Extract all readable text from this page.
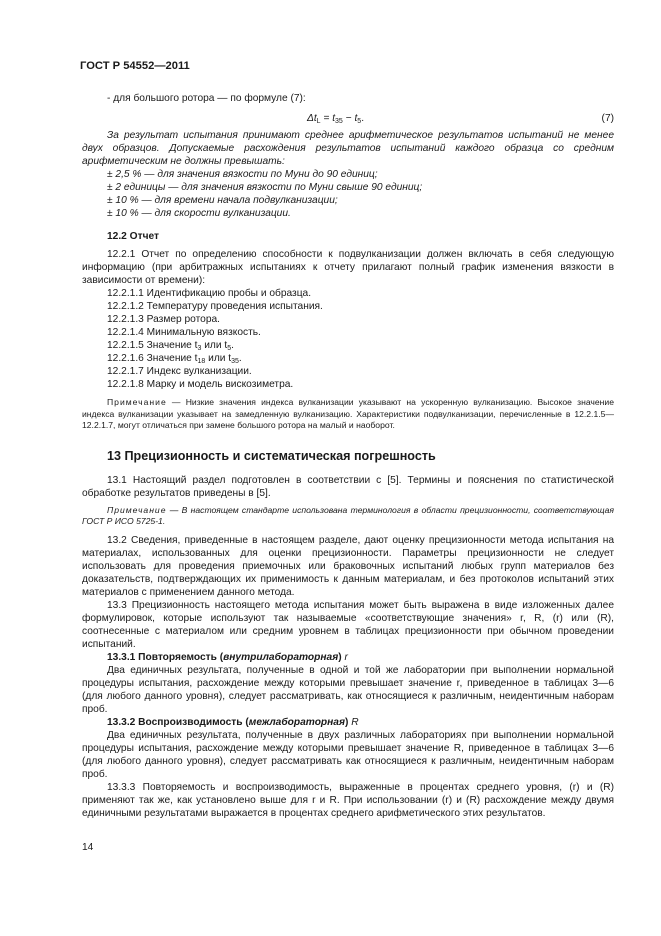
ГОСТ Р 54552—2011

- для большого ротора — по формуле (7):

$\Delta t_L = t_{35} - t_5$.	(7)

За результат испытания принимают среднее арифметическое результатов испытаний не менее двух образцов. Допускаемые расхождения результатов испытаний каждого образца со средним арифметическим не должны превышать:

± 2,5 % — для значения вязкости по Муни до 90 единиц;
± 2 единицы — для значения вязкости по Муни свыше 90 единиц;
± 10 % — для времени начала подвулканизации;
± 10 % — для скорости вулканизации.
12.2 Отчет

12.2.1 Отчет по определению способности к подвулканизации должен включать в себя следующую информацию (при арбитражных испытаниях к отчету прилагают полный график изменения вязкости в зависимости от времени):

12.2.1.1 Идентификацию пробы и образца.
12.2.1.2 Температуру проведения испытания.
12.2.1.3 Размер ротора.
12.2.1.4 Минимальную вязкость.
12.2.1.5 Значение $t_3$ или $t_5$.
12.2.1.6 Значение $t_{18}$ или $t_{35}$.
12.2.1.7 Индекс вулканизации.
12.2.1.8 Марку и модель вискозиметра.

Примечание — Низкие значения индекса вулканизации указывают на ускоренную вулканизацию. Высокое значение индекса вулканизации указывает на замедленную вулканизацию. Характеристики подвулканизации, перечисленные в 12.2.1.5—12.2.1.7, могут отличаться при замене большого ротора на малый и наоборот.

13 Прецизионность и систематическая погрешность

13.1 Настоящий раздел подготовлен в соответствии с [5]. Термины и пояснения по статистической обработке результатов приведены в [5].

Примечание — В настоящем стандарте использована терминология в области прецизионности, соответствующая ГОСТ Р ИСО 5725-1.

13.2 Сведения, приведенные в настоящем разделе, дают оценку прецизионности метода испытания на материалах, использованных для оценки прецизионности. Параметры прецизионности не следует использовать для проведения приемочных или браковочных испытаний любых групп материалов без доказательств, подтверждающих их применимость к данным материалам, и без протоколов испытаний этих материалов с применением данного метода.

13.3 Прецизионность настоящего метода испытания может быть выражена в виде изложенных далее формулировок, которые используют так называемые «соответствующие значения» r, R, (r) или (R), соотнесенные с материалом или средним уровнем в таблицах прецизионности при обычном проведении испытаний.

13.3.1 Повторяемость (внутрилабораторная) r

Два единичных результата, полученные в одной и той же лаборатории при выполнении нормальной процедуры испытания, расхождение между которыми превышает значение r, приведенное в таблицах 3—6 (для любого данного уровня), следует рассматривать, как относящиеся к различным, неидентичным наборам проб.

13.3.2 Воспроизводимость (межлабораторная) R

Два единичных результата, полученные в двух различных лабораториях при выполнении нормальной процедуры испытания, расхождение между которыми превышает значение R, приведенное в таблицах 3—6 (для любого данного уровня), следует рассматривать как относящиеся к различным, неидентичным наборам проб.

13.3.3 Повторяемость и воспроизводимость, выраженные в процентах среднего уровня, (r) и (R) применяют так же, как установлено выше для r и R. При использовании (r) и (R) расхождение между двумя единичными результатами выражается в процентах среднего арифметического этих результатов.

14
